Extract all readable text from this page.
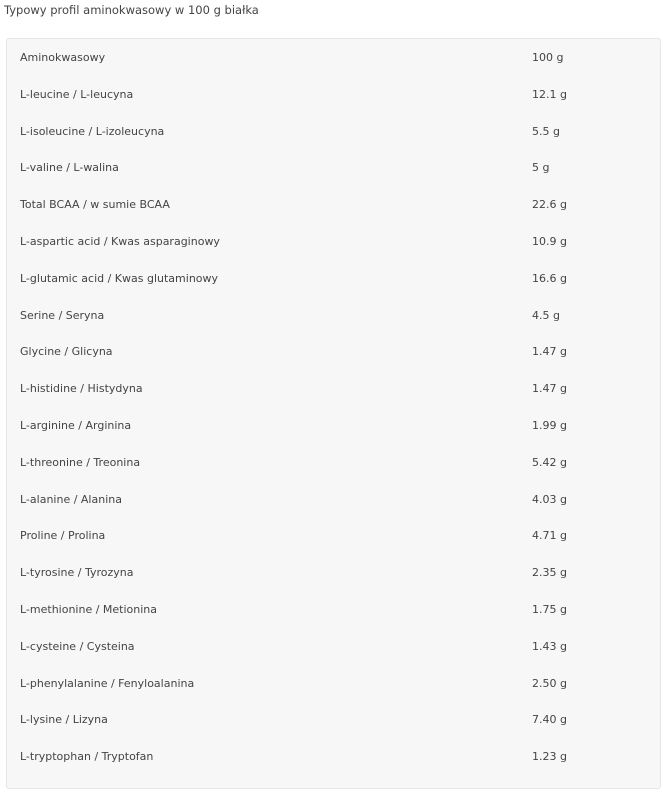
Typowy profil aminokwasowy w 100 g białka
Aminokwasowy	100 g
L-leucine / L-leucyna	12.1 g
L-isoleucine / L-izoleucyna	5.5 g
L-valine / L-walina	5 g
Total BCAA / w sumie BCAA	22.6 g
L-aspartic acid / Kwas asparaginowy	10.9 g
L-glutamic acid / Kwas glutaminowy	16.6 g
Serine / Seryna	4.5 g
Glycine / Glicyna	1.47 g
L-histidine / Histydyna	1.47 g
L-arginine / Arginina	1.99 g
L-threonine / Treonina	5.42 g
L-alanine / Alanina	4.03 g
Proline / Prolina	4.71 g
L-tyrosine / Tyrozyna	2.35 g
L-methionine / Metionina	1.75 g
L-cysteine / Cysteina	1.43 g
L-phenylalanine / Fenyloalanina	2.50 g
L-lysine / Lizyna	7.40 g
L-tryptophan / Tryptofan	1.23 g
